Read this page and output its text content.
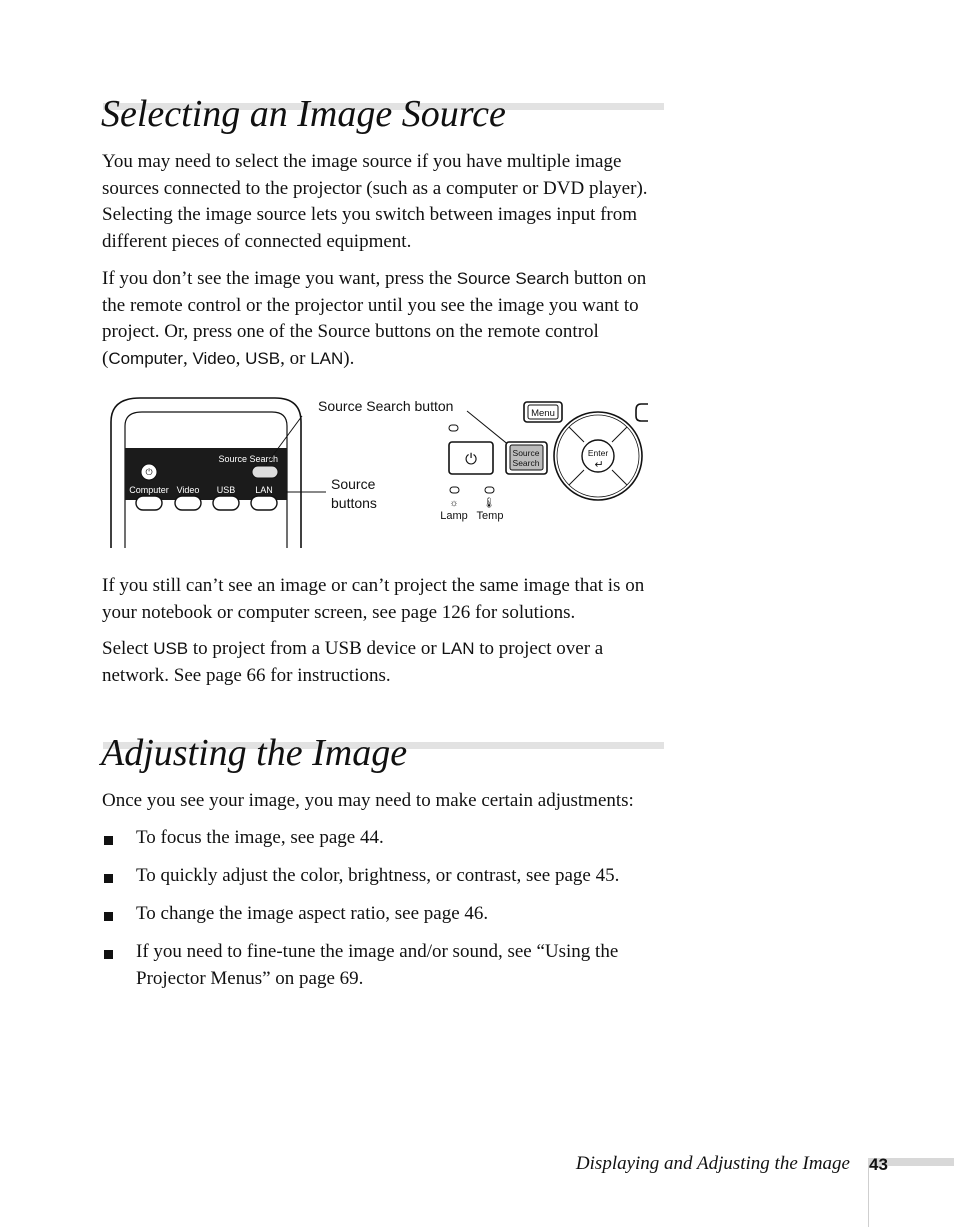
Selecting an Image Source

You may need to select the image source if you have multiple image sources connected to the projector (such as a computer or DVD player). Selecting the image source lets you switch between images input from different pieces of connected equipment.

If you don’t see the image you want, press the Source Search button on the remote control or the projector until you see the image you want to project. Or, press one of the Source buttons on the remote control (Computer, Video, USB, or LAN).

⏻
Source Search
Computer Video USB LAN
Source Search button
Source
buttons
⏻	Source
Search
Menu
Enter
↵
☼ 🌡
Lamp Temp

If you still can’t see an image or can’t project the same image that is on your notebook or computer screen, see page 126 for solutions.

Select USB to project from a USB device or LAN to project over a network. See page 66 for instructions.

Adjusting the Image

Once you see your image, you may need to make certain adjustments:

To focus the image, see page 44.
To quickly adjust the color, brightness, or contrast, see page 45.
To change the image aspect ratio, see page 46.
If you need to fine-tune the image and/or sound, see “Using the Projector Menus” on page 69.
Displaying and Adjusting the Image 43
